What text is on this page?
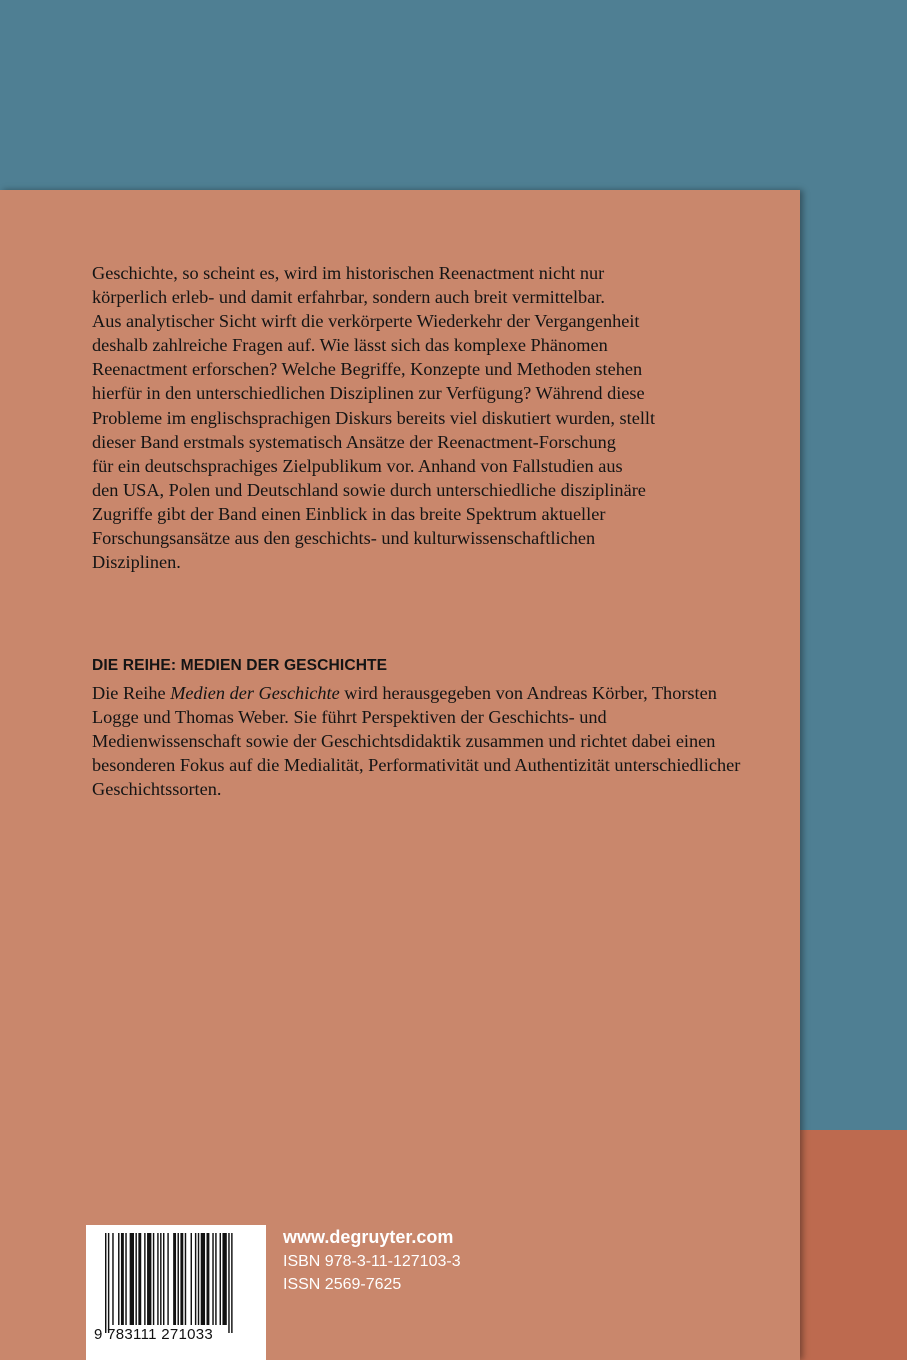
Geschichte, so scheint es, wird im historischen Reenactment nicht nur
körperlich erleb- und damit erfahrbar, sondern auch breit vermittelbar.
Aus analytischer Sicht wirft die verkörperte Wiederkehr der Vergangenheit
deshalb zahlreiche Fragen auf. Wie lässt sich das komplexe Phänomen
Reenactment erforschen? Welche Begriffe, Konzepte und Methoden stehen
hierfür in den unterschiedlichen Disziplinen zur Verfügung? Während diese
Probleme im englischsprachigen Diskurs bereits viel diskutiert wurden, stellt
dieser Band erstmals systematisch Ansätze der Reenactment-Forschung
für ein deutschsprachiges Zielpublikum vor. Anhand von Fallstudien aus
den USA, Polen und Deutschland sowie durch unterschiedliche disziplinäre
Zugriffe gibt der Band einen Einblick in das breite Spektrum aktueller
Forschungsansätze aus den geschichts- und kulturwissenschaftlichen
Disziplinen.

DIE REIHE: MEDIEN DER GESCHICHTE

Die Reihe Medien der Geschichte wird herausgegeben von Andreas Körber, Thorsten Logge und Thomas Weber. Sie führt Perspektiven der Geschichts- und Medienwissenschaft sowie der Geschichtsdidaktik zusammen und richtet dabei einen besonderen Fokus auf die Medialität, Performativität und Authentizität unterschiedlicher Geschichtssorten.

9 783111 271033
www.degruyter.com
ISBN 978-3-11-127103-3
ISSN 2569-7625
